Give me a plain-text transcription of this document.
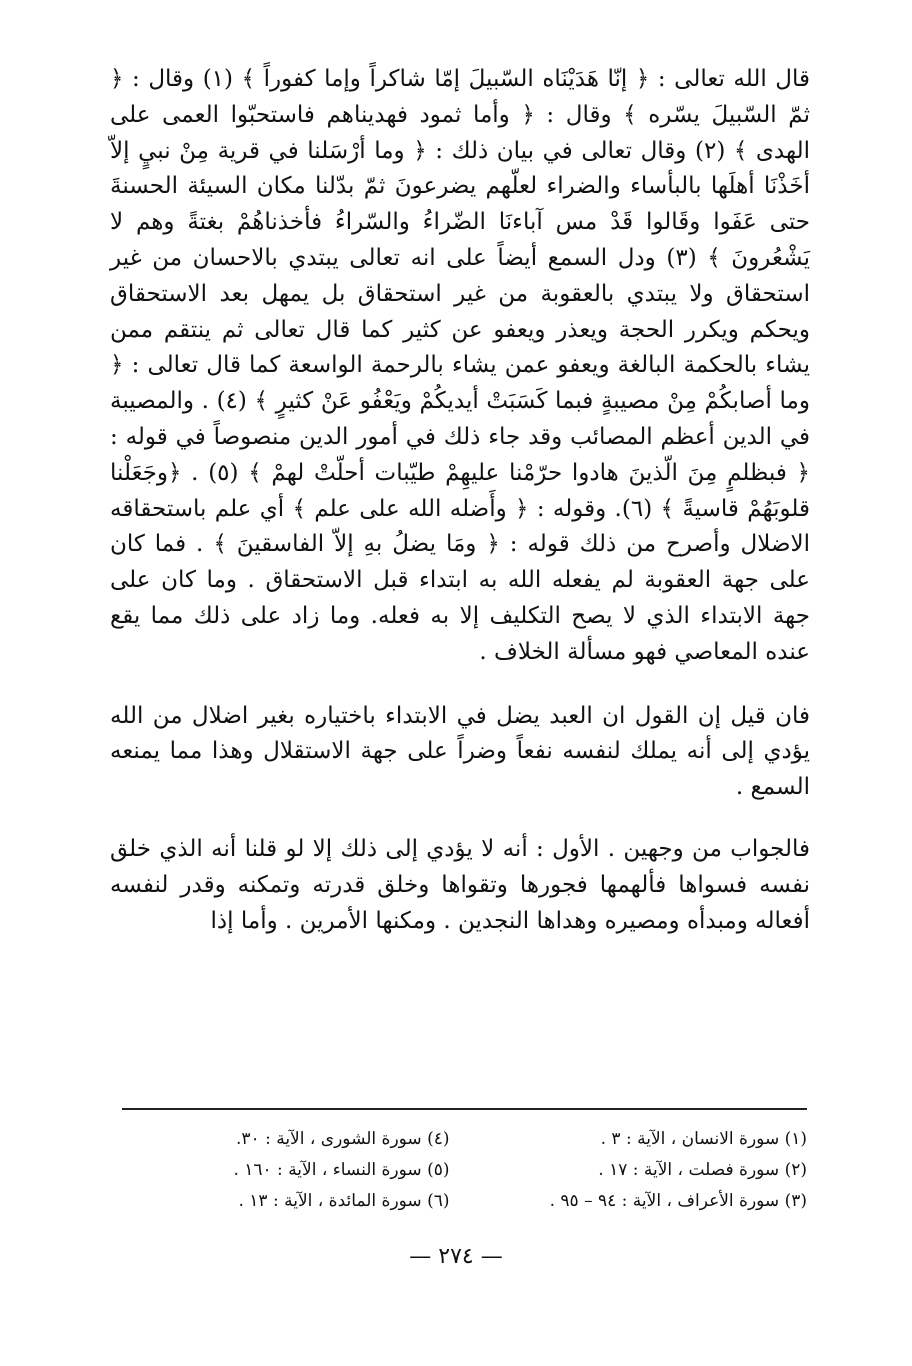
قال الله تعالى : ﴿ إنّا هَدَيْنَاه السّبيلَ إمّا شاكراً وإما كفوراً ﴾ (١) وقال : ﴿ ثمّ السّبيلَ يسّره ﴾ وقال : ﴿ وأما ثمود فهديناهم فاستحبّوا العمى على الهدى ﴾ (٢) وقال تعالى في بيان ذلك : ﴿ وما أرْسَلنا في قرية مِنْ نبيٍ إلاّ أخَذْنَا أهلَها بالبأساء والضراء لعلّهم يضرعونَ ثمّ بدّلنا مكان السيئة الحسنةَ حتى عَفَوا وقَالوا قَدْ مس آباءنَا الضّراءُ والسّراءُ فأخذناهُمْ بغتةً وهم لا يَشْعُرونَ ﴾ (٣) ودل السمع أيضاً على انه تعالى يبتدي بالاحسان من غير استحقاق ولا يبتدي بالعقوبة من غير استحقاق بل يمهل بعد الاستحقاق ويحكم ويكرر الحجة ويعذر ويعفو عن كثير كما قال تعالى ثم ينتقم ممن يشاء بالحكمة البالغة ويعفو عمن يشاء بالرحمة الواسعة كما قال تعالى : ﴿ وما أصابكُمْ مِنْ مصيبةٍ فبما كَسَبَتْ أيديكُمْ ويَعْفُو عَنْ كثيرٍ ﴾ (٤) . والمصيبة في الدين أعظم المصائب وقد جاء ذلك في أمور الدين منصوصاً في قوله : ﴿ فبظلمٍ مِنَ الّذينَ هادوا حرّمْنا عليهِمْ طيّبات أحلّتْ لهمْ ﴾ (٥) . ﴿وجَعَلْنا قلوبَهُمْ قاسيةً ﴾ (٦). وقوله : ﴿ وأَضله الله على علم ﴾ أي علم باستحقاقه الاضلال وأصرح من ذلك قوله : ﴿ ومَا يضلُ بهِ إلاّ الفاسقينَ ﴾ . فما كان على جهة العقوبة لم يفعله الله به ابتداء قبل الاستحقاق . وما كان على جهة الابتداء الذي لا يصح التكليف إلا به فعله. وما زاد على ذلك مما يقع عنده المعاصي فهو مسألة الخلاف .

فان قيل إن القول ان العبد يضل في الابتداء باختياره بغير اضلال من الله يؤدي إلى أنه يملك لنفسه نفعاً وضراً على جهة الاستقلال وهذا مما يمنعه السمع .

فالجواب من وجهين . الأول : أنه لا يؤدي إلى ذلك إلا لو قلنا أنه الذي خلق نفسه فسواها فألهمها فجورها وتقواها وخلق قدرته وتمكنه وقدر لنفسه أفعاله ومبدأه ومصيره وهداها النجدين . ومكنها الأمرين . وأما إذا

(١) سورة الانسان ، الآية : ٣ .
(٢) سورة فصلت ، الآية : ١٧ .
(٣) سورة الأعراف ، الآية : ٩٤ – ٩٥ .
(٤) سورة الشورى ، الآية : ٣٠.
(٥) سورة النساء ، الآية : ١٦٠ .
(٦) سورة المائدة ، الآية : ١٣ .
— ٢٧٤ —
